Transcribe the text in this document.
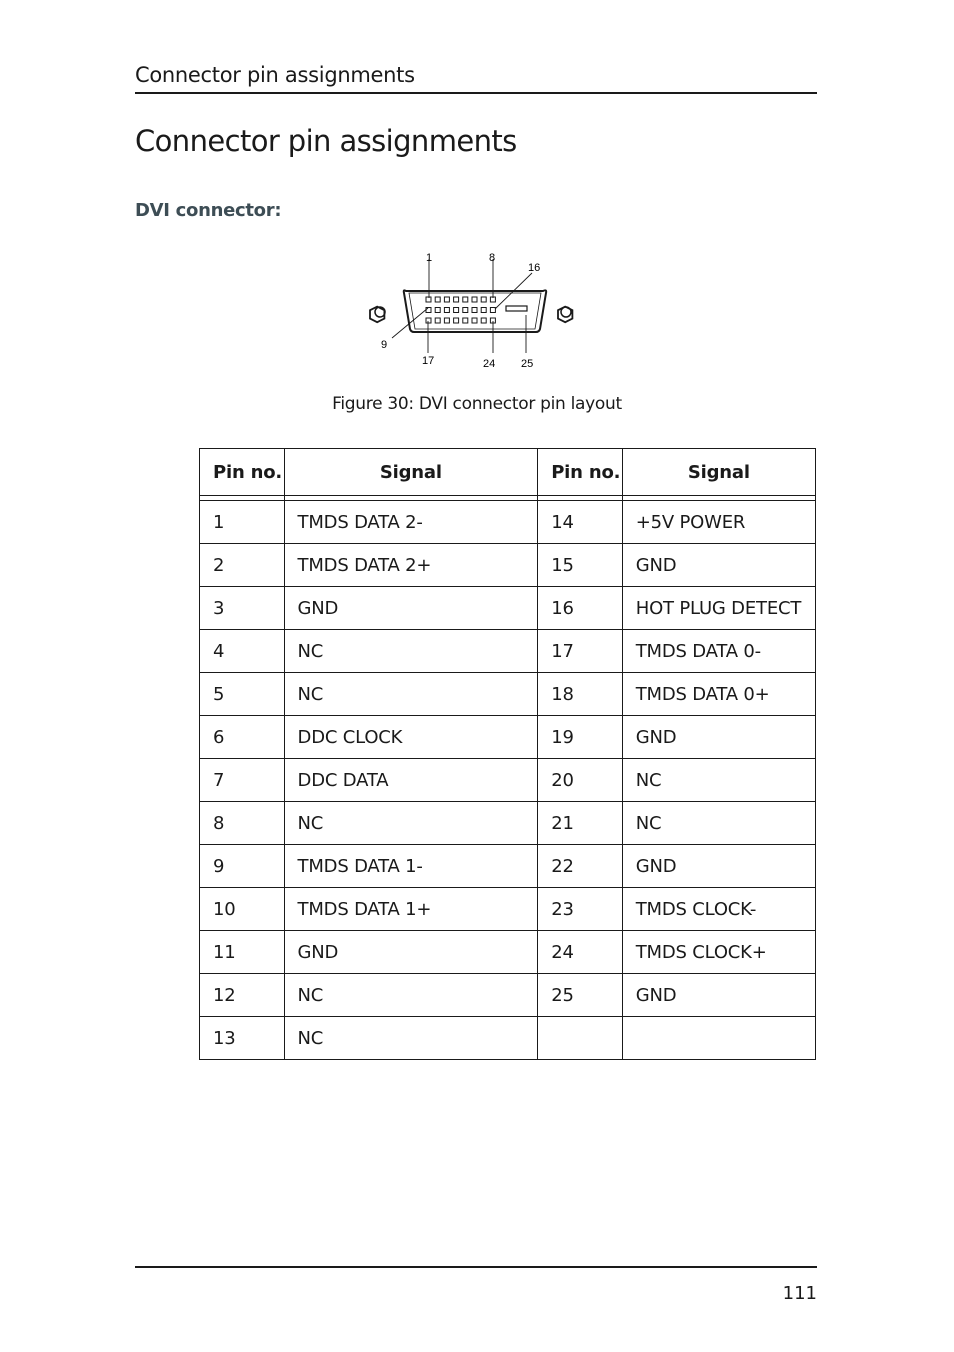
Connector pin assignments
Connector pin assignments
DVI connector:
1	8
16
9
17	24 25
Figure 30: DVI connector pin layout
Pin no.	Signal	Pin no.	Signal

1	TMDS DATA 2-	14	+5V POWER
2	TMDS DATA 2+	15	GND
3	GND	16	HOT PLUG DETECT
4	NC	17	TMDS DATA 0-
5	NC	18	TMDS DATA 0+
6	DDC CLOCK	19	GND
7	DDC DATA	20	NC
8	NC	21	NC
9	TMDS DATA 1-	22	GND
10	TMDS DATA 1+	23	TMDS CLOCK-
11	GND	24	TMDS CLOCK+
12	NC	25	GND
13	NC		
111
